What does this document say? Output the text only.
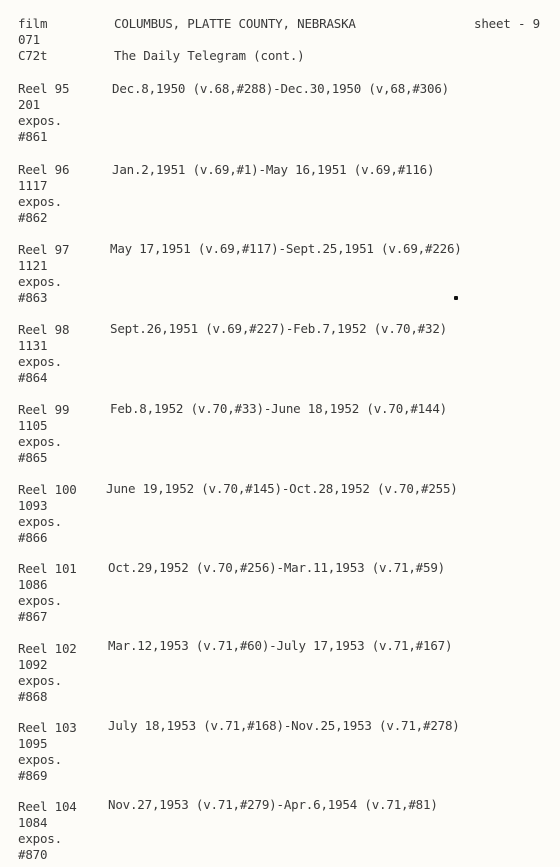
film
071
C72t
COLUMBUS, PLATTE COUNTY, NEBRASKA	sheet - 9
The Daily Telegram (cont.)
Reel 95
201
expos.
#861
Dec.8,1950 (v.68,#288)-Dec.30,1950 (v,68,#306)
Reel 96
1117
expos.
#862
Jan.2,1951 (v.69,#1)-May 16,1951 (v.69,#116)
Reel 97
1121
expos.
#863
May 17,1951 (v.69,#117)-Sept.25,1951 (v.69,#226)
Reel 98
1131
expos.
#864
Sept.26,1951 (v.69,#227)-Feb.7,1952 (v.70,#32)
Reel 99
1105
expos.
#865
Feb.8,1952 (v.70,#33)-June 18,1952 (v.70,#144)
Reel 100
1093
expos.
#866
June 19,1952 (v.70,#145)-Oct.28,1952 (v.70,#255)
Reel 101
1086
expos.
#867
Oct.29,1952 (v.70,#256)-Mar.11,1953 (v.71,#59)
Reel 102
1092
expos.
#868
Mar.12,1953 (v.71,#60)-July 17,1953 (v.71,#167)
Reel 103
1095
expos.
#869
July 18,1953 (v.71,#168)-Nov.25,1953 (v.71,#278)
Reel 104
1084
expos.
#870
Nov.27,1953 (v.71,#279)-Apr.6,1954 (v.71,#81)
